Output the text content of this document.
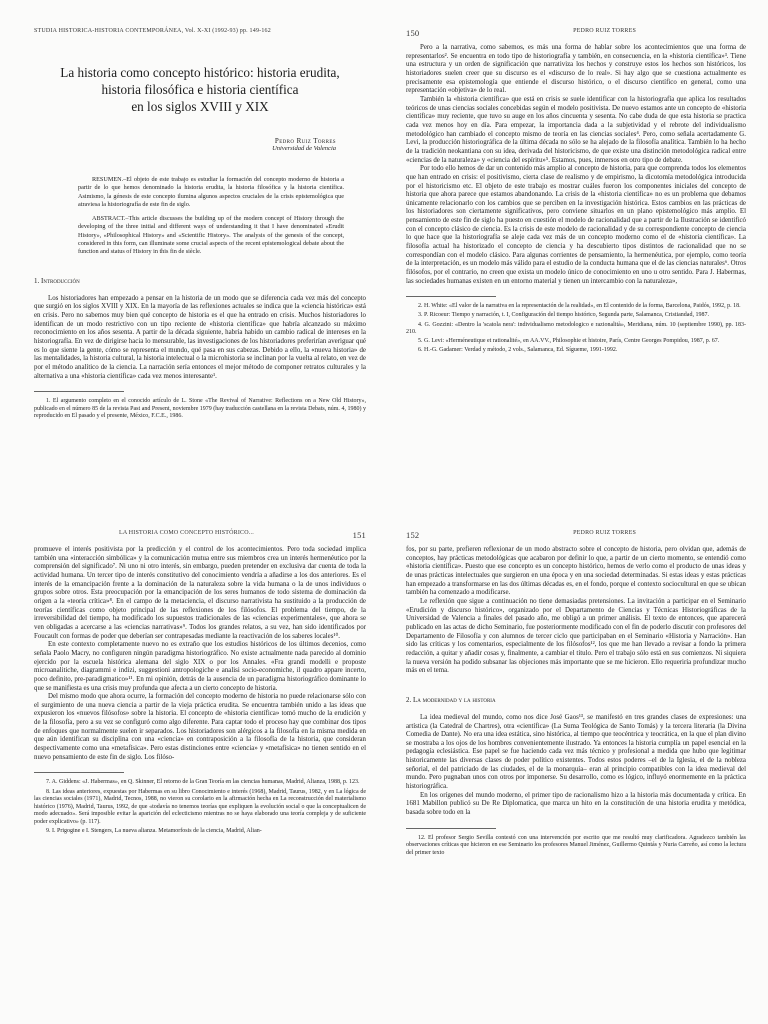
STUDIA HISTORICA-HISTORIA CONTEMPORÁNEA, Vol. X-XI (1992-93) pp. 149-162
La historia como concepto histórico: historia erudita,
historia filosófica e historia científica
en los siglos XVIII y XIX
Pedro Ruiz Torres
Universidad de Valencia

RESUMEN.–El objeto de este trabajo es estudiar la formación del concepto moderno de historia a partir de lo que hemos denominado la historia erudita, la historia filosófica y la historia científica. Asimismo, la génesis de este concepto ilumina algunos aspectos cruciales de la crisis epistemológica que atraviesa la historiografía de este fin de siglo.

ABSTRACT.–This article discusses the building up of the modern concept of History through the developing of the three initial and different ways of understanding it that I have denominated «Erudit History», «Philosophical History» and «Scientific History». The analysis of the genesis of the concept, considered in this form, can illuminate some crucial aspects of the recent epistemological debate about the function and status of History in this fin de siècle.

1. Introducción

Los historiadores han empezado a pensar en la historia de un modo que se diferencia cada vez más del concepto que surgió en los siglos XVIII y XIX. En la mayoría de las reflexiones actuales se indica que la «ciencia histórica» está en crisis. Pero no sabemos muy bien qué concepto de historia es el que ha entrado en crisis. Muchos historiadores lo identifican de un modo restrictivo con un tipo reciente de «historia científica» que habría alcanzado su máximo reconocimiento en los años sesenta. A partir de la década siguiente, habría habido un cambio radical de intereses en la historiografía. En vez de dirigirse hacia lo mensurable, las investigaciones de los historiadores preferirían averiguar qué es lo que siente la gente, cómo se representa el mundo, qué pasa en sus cabezas. Debido a ello, la «nueva historia» de las mentalidades, la historia cultural, la historia intelectual o la microhistoria se inclinan por la vuelta al relato, en vez de por el método analítico de la ciencia. La narración sería entonces el mejor método de componer retratos culturales y la alternativa a una «historia científica» cada vez menos interesante¹.

1. El argumento completo en el conocido artículo de L. Stone «The Revival of Narrative: Reflections on a New Old History», publicado en el número 85 de la revista Past and Present, noviembre 1979 (hay traducción castellana en la revista Debats, núm. 4, 1980) y reproducido en El pasado y el presente, México, F.C.E., 1986.

150	PEDRO RUIZ TORRES

Pero a la narrativa, como sabemos, es más una forma de hablar sobre los acontecimientos que una forma de representarlos². Se encuentra en todo tipo de historiografía y también, en consecuencia, en la «historia científica»³. Tiene una estructura y un orden de significación que narrativiza los hechos y construye estos los hechos son históricos, los historiadores suelen creer que su discurso es el «discurso de lo real». Si hay algo que se cuestiona actualmente es precisamente esa epistemología que entiende el discurso histórico, o el discurso científico en general, como una representación «objetiva» de lo real.

También la «historia científica» que está en crisis se suele identificar con la historiografía que aplica los resultados teóricos de unas ciencias sociales concebidas según el modelo positivista. De nuevo estamos ante un concepto de «historia científica» muy reciente, que tuvo su auge en los años cincuenta y sesenta. No cabe duda de que esta historia se practica cada vez menos hoy en día. Para empezar, la importancia dada a la subjetividad y el rebrote del individualismo metodológico han cambiado el concepto mismo de teoría en las ciencias sociales⁴. Pero, como señala acertadamente G. Levi, la producción historiográfica de la última década no sólo se ha alejado de la filosofía analítica. También lo ha hecho de la tradición neokantiana con su idea, derivada del historicismo, de que existe una distinción metodológica radical entre «ciencias de la naturaleza» y «ciencia del espíritu»⁵. Estamos, pues, inmersos en otro tipo de debate.

Por todo ello hemos de dar un contenido más amplio al concepto de historia, para que comprenda todos los elementos que han entrado en crisis: el positivismo, cierta clase de realismo y de empirismo, la dicotomía metodológica introducida por el historicismo etc. El objeto de este trabajo es mostrar cuáles fueron los componentes iniciales del concepto de historia que ahora parece que estamos abandonando. La crisis de la «historia científica» no es un problema que debamos únicamente relacionarlo con los cambios que se perciben en la investigación histórica. Estos cambios en las prácticas de los historiadores son ciertamente significativos, pero conviene situarlos en un plano epistemológico más amplio. El pensamiento de este fin de siglo ha puesto en cuestión el modelo de racionalidad que a partir de la Ilustración se identificó con el concepto clásico de ciencia. Es la crisis de este modelo de racionalidad y de su correspondiente concepto de ciencia lo que hace que la historiografía se aleje cada vez más de un concepto moderno como el de «historia científica». La filosofía actual ha historizado el concepto de ciencia y ha descubierto tipos distintos de racionalidad que no se correspondían con el modelo clásico. Para algunas corrientes de pensamiento, la hermenéutica, por ejemplo, como teoría de la interpretación, es un modelo más válido para el estudio de la conducta humana que el de las ciencias naturales⁶. Otros filósofos, por el contrario, no creen que exista un modelo único de conocimiento en uno u otro sentido. Para J. Habermas, las sociedades humanas existen en un entorno material y tienen un intercambio con la naturaleza»,

2. H. White: «El valor de la narrativa en la representación de la realidad», en El contenido de la forma, Barcelona, Paidós, 1992, p. 18.

3. P. Ricoeur: Tiempo y narración, t. I, Configuración del tiempo histórico, Segunda parte, Salamanca, Cristiandad, 1987.

4. G. Gozzini: «Dentro la 'scatola nera': individualismo metodologico e razionalità», Meridiana, núm. 10 (septiembre 1990), pp. 183-210.

5. G. Levi: «Herméneutique et rationalité», en AA.VV., Philosophie et histoire, París, Centre Georges Pompidou, 1987, p. 67.

6. H.-G. Gadamer: Verdad y método, 2 vols., Salamanca, Ed. Sígueme, 1991-1992.

LA HISTORIA COMO CONCEPTO HISTÓRICO...	151

promueve el interés positivista por la predicción y el control de los acontecimientos. Pero toda sociedad implica también una «interacción simbólica» y la comunicación mutua entre sus miembros crea un interés hermenéutico por la comprensión del significado⁷. Ni uno ni otro interés, sin embargo, pueden pretender en exclusiva dar cuenta de toda la actividad humana. Un tercer tipo de interés constitutivo del conocimiento vendría a añadirse a los dos anteriores. Es el interés de la emancipación frente a la dominación de la naturaleza sobre la vida humana o la de unos individuos o grupos sobre otros. Esta preocupación por la emancipación de los seres humanos de todo sistema de dominación da origen a la «teoría crítica»⁸. En el campo de la metaciencia, el discurso narrativista ha sustituido a la producción de teorías científicas como objeto principal de las reflexiones de los filósofos. El problema del tiempo, de la irreversibilidad del tiempo, ha modificado los supuestos tradicionales de las «ciencias experimentales», que ahora se ven obligadas a acercarse a las «ciencias narrativas»⁹. Todos los grandes relatos, a su vez, han sido identificados por Foucault con formas de poder que deberían ser contrapesadas mediante la reactivación de los saberes locales¹⁰.

En este contexto completamente nuevo no es extraño que los estudios históricos de los últimos decenios, como señala Paolo Macry, no configuren ningún paradigma historiográfico. No existe actualmente nada parecido al dominio ejercido por la escuela histórica alemana del siglo XIX o por los Annales. «Fra grandi modelli e proposte microanalitiche, diagrammi e indizi, suggestioni antropologiche e analisi socio-economiche, il quadro appare incerto, poco definito, pre-paradigmatico»¹¹. En mi opinión, detrás de la ausencia de un paradigma historiográfico dominante lo que se manifiesta es una crisis muy profunda que afecta a un cierto concepto de historia.

Del mismo modo que ahora ocurre, la formación del concepto moderno de historia no puede relacionarse sólo con el surgimiento de una nueva ciencia a partir de la vieja práctica erudita. Se encuentra también unido a las ideas que expusieron los «nuevos filósofos» sobre la historia. El concepto de «historia científica» tomó mucho de la erudición y de la filosofía, pero a su vez se configuró como algo diferente. Para captar todo el proceso hay que combinar dos tipos de enfoques que normalmente suelen ir separados. Los historiadores son alérgicos a la filosofía en la misma medida en que aún identifican su disciplina con una «ciencia» en contraposición a la filosofía de la historia, que consideran despectivamente como una «metafísica». Pero estas distinciones entre «ciencia» y «metafísica» no tienen sentido en el nuevo pensamiento de este fin de siglo. Los filóso-

7. A. Giddens: «J. Habermas», en Q. Skinner, El retorno de la Gran Teoría en las ciencias humanas, Madrid, Alianza, 1988, p. 123.

8. Las ideas anteriores, expuestas por Habermas en su libro Conocimiento e interés (1968), Madrid, Taurus, 1982, y en La lógica de las ciencias sociales (1971), Madrid, Tecnos, 1988, no vieron su corolario en la afirmación hecha en La reconstrucción del materialismo histórico (1976), Madrid, Taurus, 1992, de que «todavía no tenemos teorías que expliquen la evolución social o que la conceptualicen de modo adecuado». Será imposible evitar la aparición del eclecticismo mientras no se haya elaborado una teoría compleja y de suficiente poder explicativo» (p. 117).

9. I. Prigogine e I. Stengers, La nueva alianza. Metamorfosis de la ciencia, Madrid, Alian-

152	PEDRO RUIZ TORRES

fos, por su parte, prefieren reflexionar de un modo abstracto sobre el concepto de historia, pero olvidan que, además de conceptos, hay prácticas metodológicas que acabaron por definir lo que, a partir de un cierto momento, se entendió como «historia científica». Puesto que ese concepto es un concepto histórico, hemos de verlo como el producto de unas ideas y de unas prácticas intelectuales que surgieron en una época y en una sociedad determinadas. Si estas ideas y estas prácticas han empezado a transformarse en las dos últimas décadas es, en el fondo, porque el contexto sociocultural en que se ubican también ha comenzado a modificarse.

Le reflexión que sigue a continuación no tiene demasiadas pretensiones. La invitación a participar en el Seminario «Erudición y discurso histórico», organizado por el Departamento de Ciencias y Técnicas Historiográficas de la Universidad de Valencia a finales del pasado año, me obligó a un primer análisis. El texto de entonces, que aparecerá publicado en las actas de dicho Seminario, fue posteriormente modificado con el fin de poderlo discutir con profesores del Departamento de Filosofía y con alumnos de tercer ciclo que participaban en el Seminario «Historia y Narración». Han sido las críticas y los comentarios, especialmente de los filósofos¹², los que me han llevado a revisar a fondo la primera redacción, a quitar y añadir cosas y, finalmente, a cambiar el título. Pero el trabajo sólo está en sus comienzos. Ni siquiera la nueva versión ha podido subsanar las objeciones más importante que se me hicieron. Ello requeriría profundizar mucho más en el tema.

2. La modernidad y la historia

La idea medieval del mundo, como nos dice José Gaos¹³, se manifestó en tres grandes clases de expresiones: una artística (la Catedral de Chartres), otra «científica» (La Suma Teológica de Santo Tomás) y la tercera literaria (la Divina Comedia de Dante). No era una idea estática, sino histórica, al tiempo que teocéntrica y teocrática, en la que el plan divino se mostraba a los ojos de los hombres convenientemente ilustrado. Ya entonces la historia cumplía un papel esencial en la pedagogía eclesiástica. Ese papel se fue haciendo cada vez más técnico y profesional a medida que hubo que legitimar historicamente las diversas clases de poder político existentes. Todos estos poderes –el de la Iglesia, el de la nobleza señorial, el del patriciado de las ciudades, el de la monarquía– eran al principio compatibles con la idea medieval del mundo. Pero pugnaban unos con otros por imponerse. Su desarrollo, como es lógico, influyó enormemente en la práctica historiográfica.

En los orígenes del mundo moderno, el primer tipo de racionalismo hizo a la historia más documentada y crítica. En 1681 Mabillon publicó su De Re Diplomatica, que marca un hito en la constitución de una historia erudita y metódica, basada sobre todo en la

12. El profesor Sergio Sevilla contestó con una intervención por escrito que me resultó muy clarificadora. Agradezco también las observaciones críticas que hicieron en ese Seminario los profesores Manuel Jiménez, Guillermo Quintás y Nuria Carreño, así como la lectura del primer texto
